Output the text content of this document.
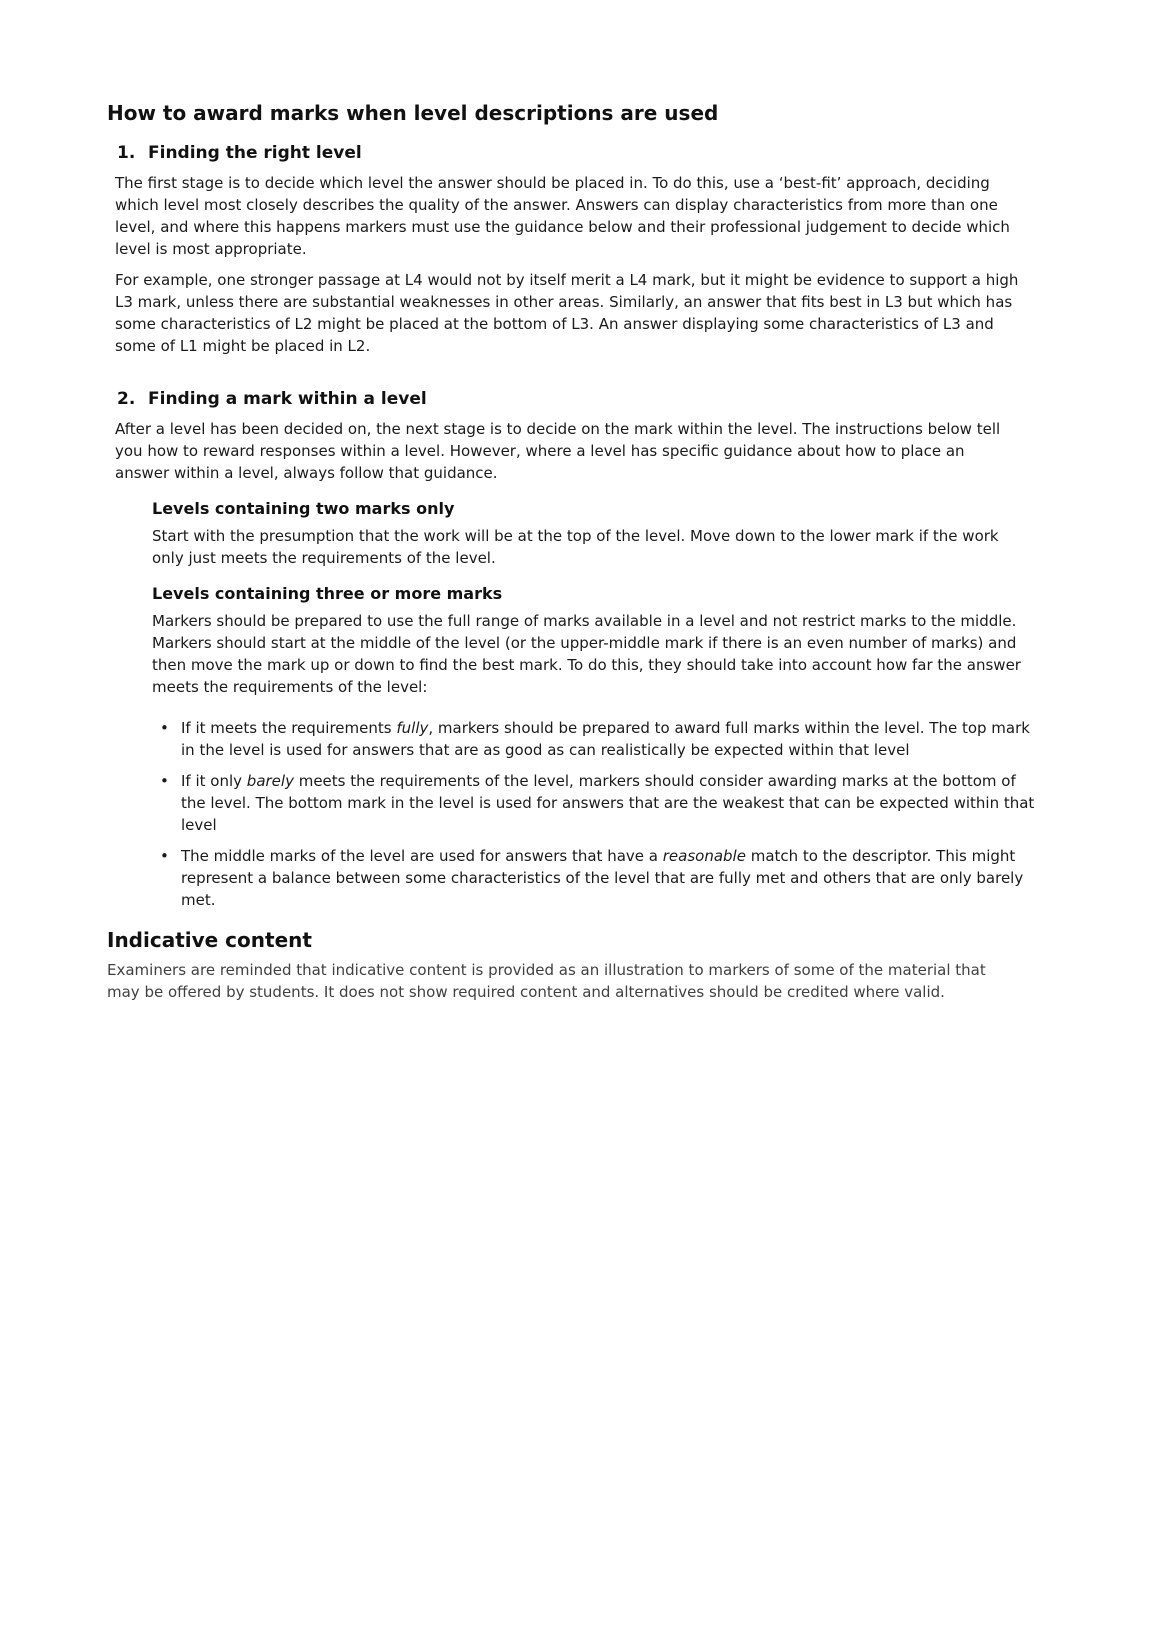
How to award marks when level descriptions are used
1. Finding the right level

The first stage is to decide which level the answer should be placed in. To do this, use a ‘best-fit’ approach, deciding which level most closely describes the quality of the answer. Answers can display characteristics from more than one level, and where this happens markers must use the guidance below and their professional judgement to decide which level is most appropriate.

For example, one stronger passage at L4 would not by itself merit a L4 mark, but it might be evidence to support a high L3 mark, unless there are substantial weaknesses in other areas. Similarly, an answer that fits best in L3 but which has some characteristics of L2 might be placed at the bottom of L3. An answer displaying some characteristics of L3 and some of L1 might be placed in L2.

2. Finding a mark within a level

After a level has been decided on, the next stage is to decide on the mark within the level. The instructions below tell you how to reward responses within a level. However, where a level has specific guidance about how to place an answer within a level, always follow that guidance.

Levels containing two marks only

Start with the presumption that the work will be at the top of the level. Move down to the lower mark if the work only just meets the requirements of the level.

Levels containing three or more marks

Markers should be prepared to use the full range of marks available in a level and not restrict marks to the middle. Markers should start at the middle of the level (or the upper-middle mark if there is an even number of marks) and then move the mark up or down to find the best mark. To do this, they should take into account how far the answer meets the requirements of the level:

• If it meets the requirements fully, markers should be prepared to award full marks within the level. The top mark in the level is used for answers that are as good as can realistically be expected within that level
• If it only barely meets the requirements of the level, markers should consider awarding marks at the bottom of the level. The bottom mark in the level is used for answers that are the weakest that can be expected within that level
• The middle marks of the level are used for answers that have a reasonable match to the descriptor. This might represent a balance between some characteristics of the level that are fully met and others that are only barely met.
Indicative content

Examiners are reminded that indicative content is provided as an illustration to markers of some of the material that may be offered by students. It does not show required content and alternatives should be credited where valid.
